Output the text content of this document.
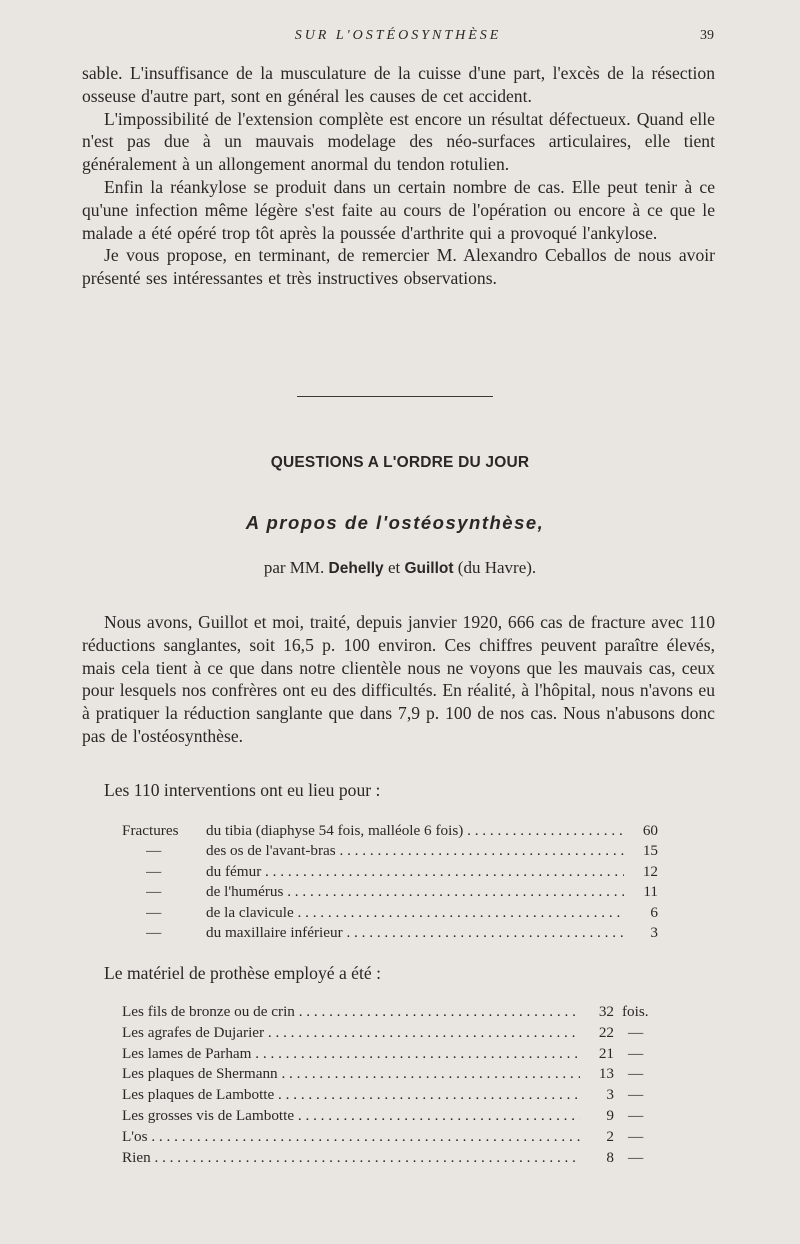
SUR L'OSTÉOSYNTHÈSE	39

sable. L'insuffisance de la musculature de la cuisse d'une part, l'excès de la résection osseuse d'autre part, sont en général les causes de cet accident.

L'impossibilité de l'extension complète est encore un résultat défectueux. Quand elle n'est pas due à un mauvais modelage des néo-surfaces articulaires, elle tient généralement à un allongement anormal du tendon rotulien.

Enfin la réankylose se produit dans un certain nombre de cas. Elle peut tenir à ce qu'une infection même légère s'est faite au cours de l'opération ou encore à ce que le malade a été opéré trop tôt après la poussée d'arthrite qui a provoqué l'ankylose.

Je vous propose, en terminant, de remercier M. Alexandro Ceballos de nous avoir présenté ses intéressantes et très instructives observations.

QUESTIONS A L'ORDRE DU JOUR
A propos de l'ostéosynthèse,
par MM. Dehelly et Guillot (du Havre).

Nous avons, Guillot et moi, traité, depuis janvier 1920, 666 cas de fracture avec 110 réductions sanglantes, soit 16,5 p. 100 environ. Ces chiffres peuvent paraître élevés, mais cela tient à ce que dans notre clientèle nous ne voyons que les mauvais cas, ceux pour lesquels nos confrères ont eu des difficultés. En réalité, à l'hôpital, nous n'avons eu à pratiquer la réduction sanglante que dans 7,9 p. 100 de nos cas. Nous n'abusons donc pas de l'ostéosynthèse.

Les 110 interventions ont eu lieu pour :
Fractures	du tibia (diaphyse 54 fois, malléole 6 fois) . . .	60
—	des os de l'avant-bras . . .	15
—	du fémur . . .	12
—	de l'humérus . . .	11
—	de la clavicule . . .	6
—	du maxillaire inférieur . . .	3
Le matériel de prothèse employé a été :
Les fils de bronze ou de crin . . .	32 fois.
Les agrafes de Dujarier . . .	22 —
Les lames de Parham . . .	21 —
Les plaques de Shermann . . .	13 —
Les plaques de Lambotte . . .	3 —
Les grosses vis de Lambotte . . .	9 —
L'os . . .	2 —
Rien . . .	8 —
